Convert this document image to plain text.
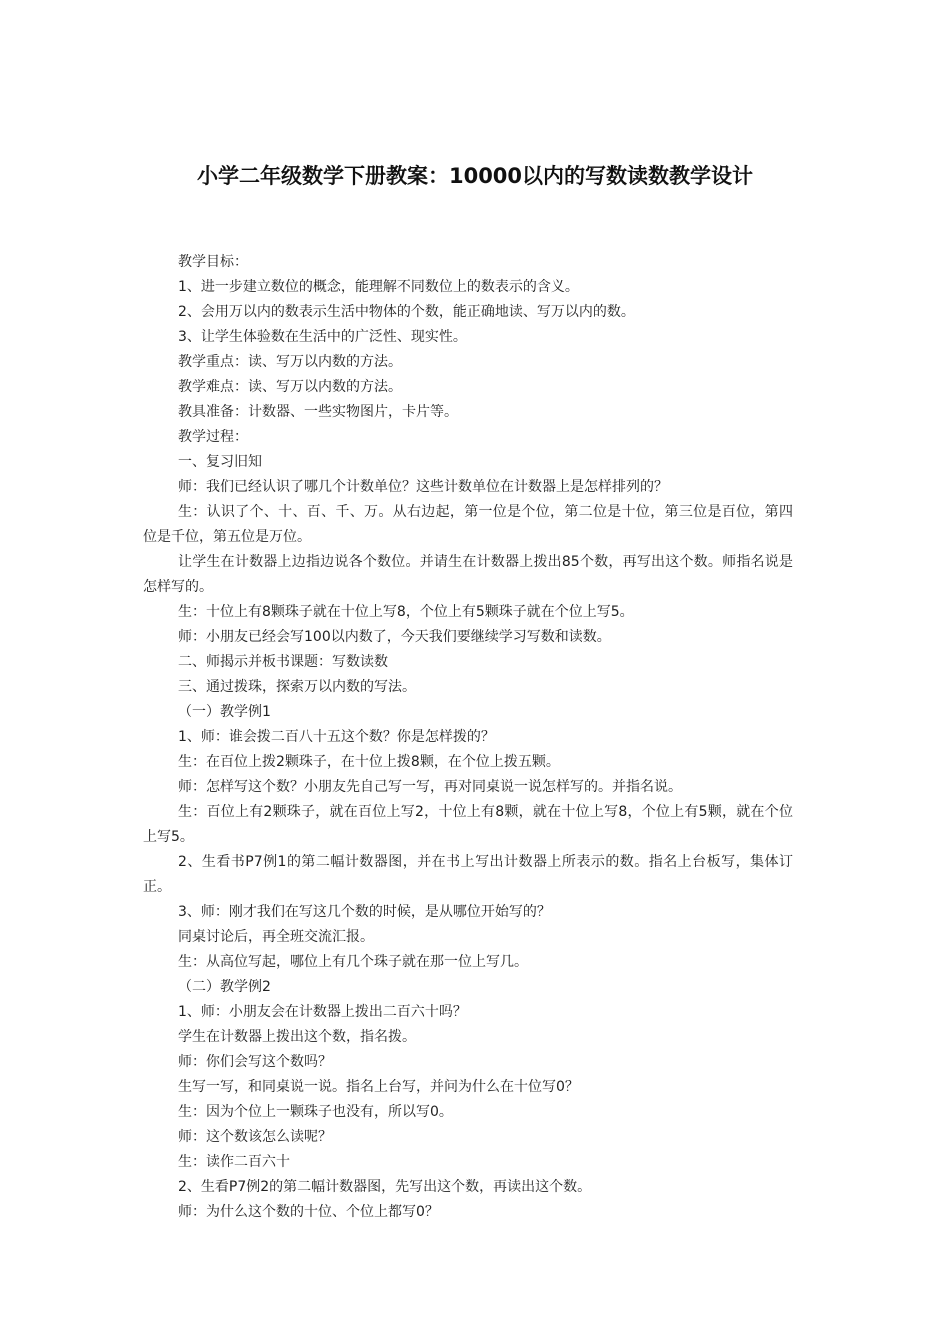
小学二年级数学下册教案：10000以内的写数读数教学设计

教学目标：

1、进一步建立数位的概念，能理解不同数位上的数表示的含义。

2、会用万以内的数表示生活中物体的个数，能正确地读、写万以内的数。

3、让学生体验数在生活中的广泛性、现实性。

教学重点：读、写万以内数的方法。

教学难点：读、写万以内数的方法。

教具准备：计数器、一些实物图片，卡片等。

教学过程：

一、复习旧知

师：我们已经认识了哪几个计数单位？这些计数单位在计数器上是怎样排列的？

生：认识了个、十、百、千、万。从右边起，第一位是个位，第二位是十位，第三位是百位，第四位是千位，第五位是万位。

让学生在计数器上边指边说各个数位。并请生在计数器上拨出85个数，再写出这个数。师指名说是怎样写的。

生：十位上有8颗珠子就在十位上写8，个位上有5颗珠子就在个位上写5。

师：小朋友已经会写100以内数了，今天我们要继续学习写数和读数。

二、师揭示并板书课题：写数读数

三、通过拨珠，探索万以内数的写法。

（一）教学例1

1、师：谁会拨二百八十五这个数？你是怎样拨的？

生：在百位上拨2颗珠子，在十位上拨8颗，在个位上拨五颗。

师：怎样写这个数？小朋友先自己写一写，再对同桌说一说怎样写的。并指名说。

生：百位上有2颗珠子，就在百位上写2，十位上有8颗，就在十位上写8，个位上有5颗，就在个位上写5。

2、生看书P7例1的第二幅计数器图，并在书上写出计数器上所表示的数。指名上台板写，集体订正。

3、师：刚才我们在写这几个数的时候，是从哪位开始写的？

同桌讨论后，再全班交流汇报。

生：从高位写起，哪位上有几个珠子就在那一位上写几。

（二）教学例2

1、师：小朋友会在计数器上拨出二百六十吗？

学生在计数器上拨出这个数，指名拨。

师：你们会写这个数吗？

生写一写，和同桌说一说。指名上台写，并问为什么在十位写0？

生：因为个位上一颗珠子也没有，所以写0。

师：这个数该怎么读呢？

生：读作二百六十

2、生看P7例2的第二幅计数器图，先写出这个数，再读出这个数。

师：为什么这个数的十位、个位上都写0？
